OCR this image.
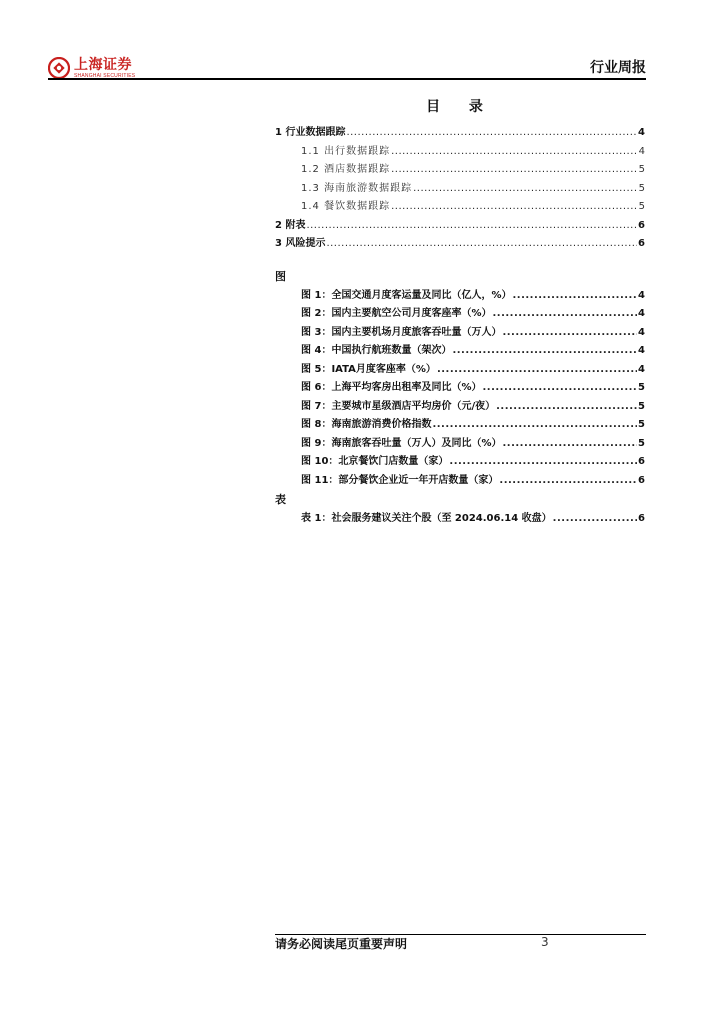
上海证券
SHANGHAI SECURITIES	行业周报
目 录
1 行业数据跟踪 .....	4
1.1 出行数据跟踪 .....	4
1.2 酒店数据跟踪 .....	5
1.3 海南旅游数据跟踪 .....	5
1.4 餐饮数据跟踪 .....	5
2 附表 .....	6
3 风险提示 .....	6
图
图 1：全国交通月度客运量及同比（亿人，%） .....	4
图 2：国内主要航空公司月度客座率（%） .....	4
图 3：国内主要机场月度旅客吞吐量（万人） .....	4
图 4：中国执行航班数量（架次） .....	4
图 5：IATA月度客座率（%） .....	4
图 6：上海平均客房出租率及同比（%） .....	5
图 7：主要城市星级酒店平均房价（元/夜） .....	5
图 8：海南旅游消费价格指数 .....	5
图 9：海南旅客吞吐量（万人）及同比（%） .....	5
图 10：北京餐饮门店数量（家） .....	6
图 11：部分餐饮企业近一年开店数量（家） .....	6
表
表 1：社会服务建议关注个股（至 2024.06.14 收盘） .....	6
请务必阅读尾页重要声明	3
